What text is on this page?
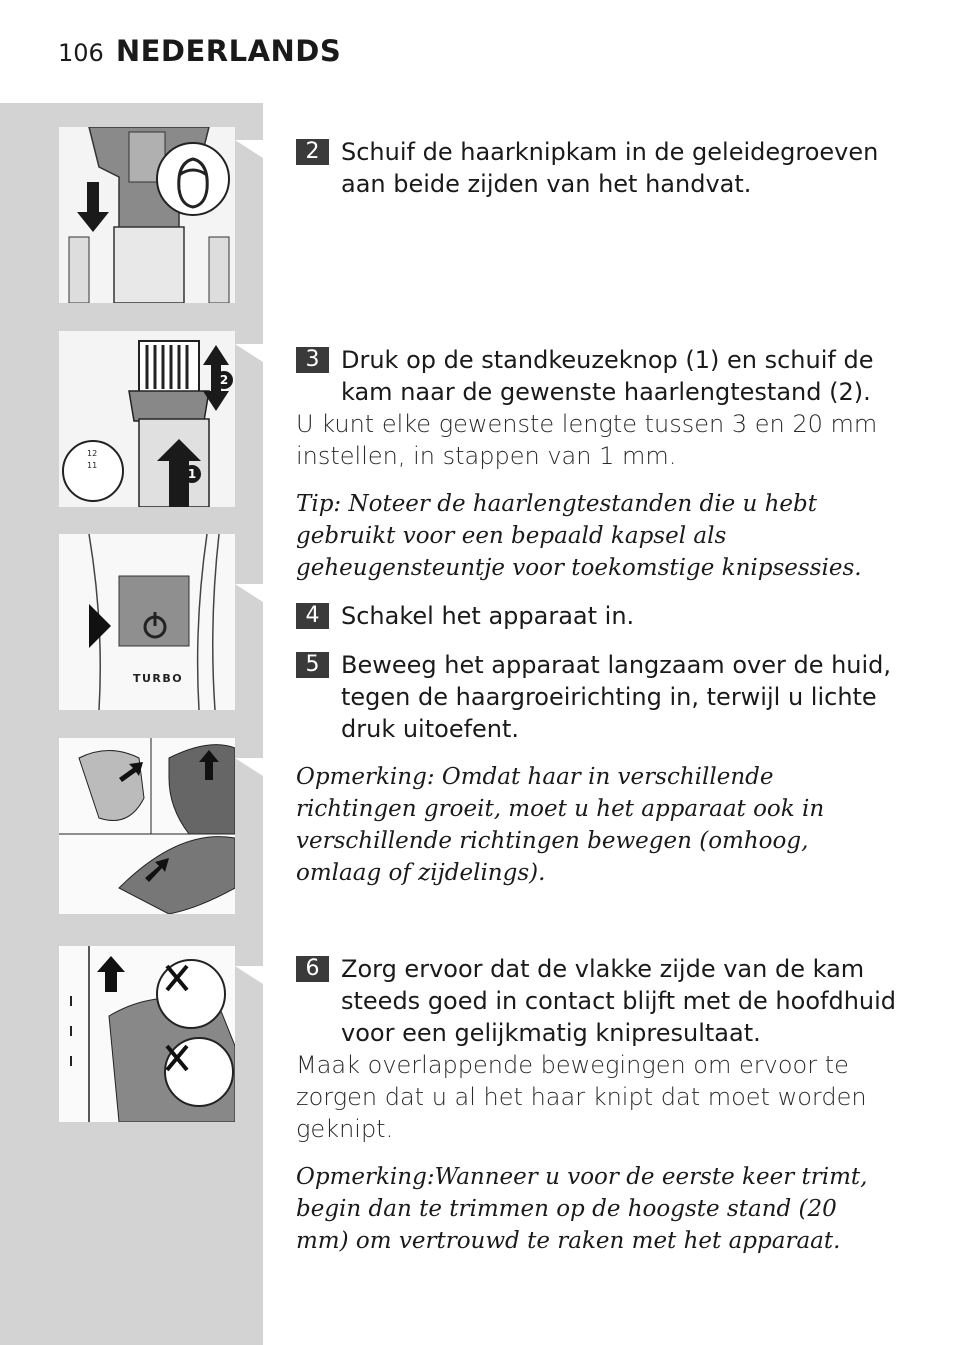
106 NEDERLANDS
2
1
12
11
TURBO
2 Schuif de haarknipkam in de geleidegroeven aan beide zijden van het handvat.
3 Druk op de standkeuzeknop (1) en schuif de kam naar de gewenste haarlengtestand (2).
U kunt elke gewenste lengte tussen 3 en 20 mm instellen, in stappen van 1 mm.
Tip: Noteer de haarlengtestanden die u hebt gebruikt voor een bepaald kapsel als geheugensteuntje voor toekomstige knipsessies.
4 Schakel het apparaat in.
5 Beweeg het apparaat langzaam over de huid, tegen de haargroeirichting in, terwijl u lichte druk uitoefent.
Opmerking: Omdat haar in verschillende richtingen groeit, moet u het apparaat ook in verschillende richtingen bewegen (omhoog, omlaag of zijdelings).
6 Zorg ervoor dat de vlakke zijde van de kam steeds goed in contact blijft met de hoofdhuid voor een gelijkmatig knipresultaat.
Maak overlappende bewegingen om ervoor te zorgen dat u al het haar knipt dat moet worden geknipt.
Opmerking:Wanneer u voor de eerste keer trimt, begin dan te trimmen op de hoogste stand (20 mm) om vertrouwd te raken met het apparaat.
